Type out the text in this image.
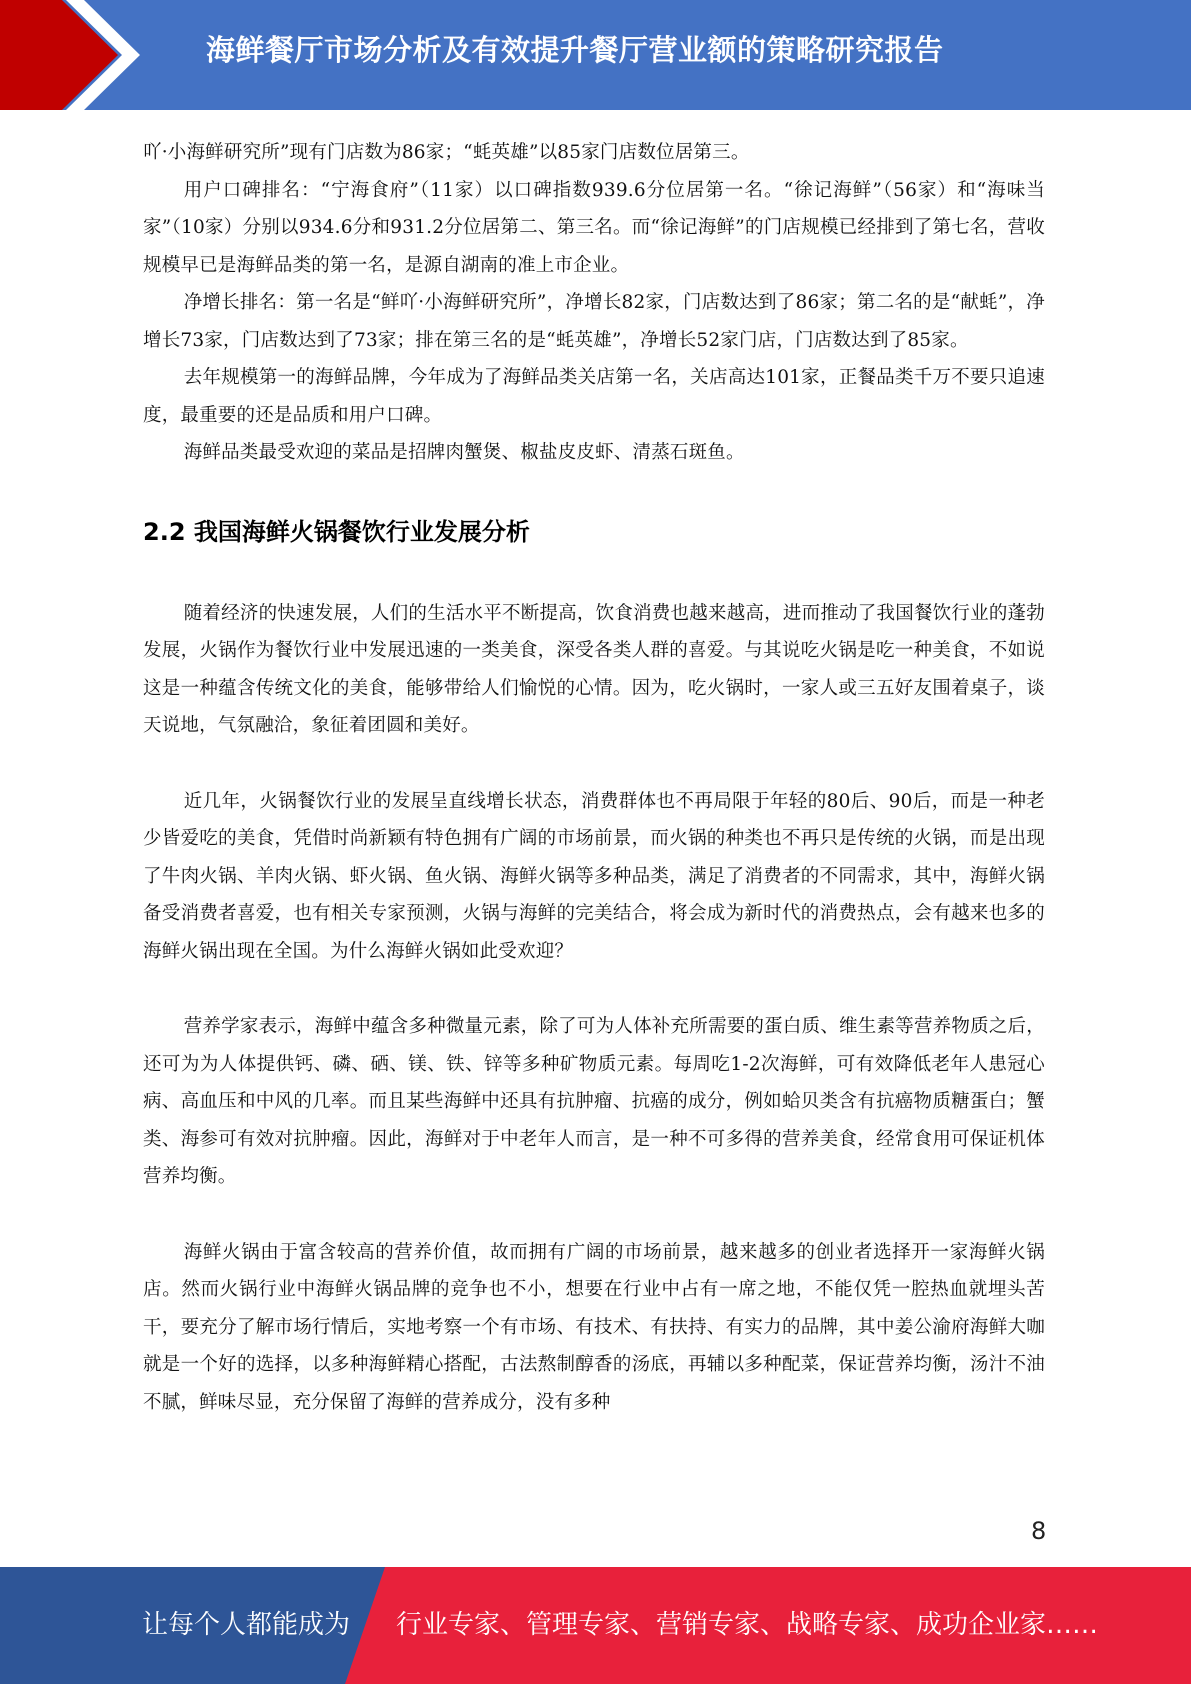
海鲜餐厅市场分析及有效提升餐厅营业额的策略研究报告

吖·小海鲜研究所”现有门店数为86家；“蚝英雄”以85家门店数位居第三。

用户口碑排名：“宁海食府”（11家）以口碑指数939.6分位居第一名。“徐记海鲜”（56家）和“海味当家”（10家）分别以934.6分和931.2分位居第二、第三名。而“徐记海鲜”的门店规模已经排到了第七名，营收规模早已是海鲜品类的第一名，是源自湖南的准上市企业。

净增长排名：第一名是“鲜吖·小海鲜研究所”，净增长82家，门店数达到了86家；第二名的是“献蚝”，净增长73家，门店数达到了73家；排在第三名的是“蚝英雄”，净增长52家门店，门店数达到了85家。

去年规模第一的海鲜品牌，今年成为了海鲜品类关店第一名，关店高达101家，正餐品类千万不要只追速度，最重要的还是品质和用户口碑。

海鲜品类最受欢迎的菜品是招牌肉蟹煲、椒盐皮皮虾、清蒸石斑鱼。

2.2 我国海鲜火锅餐饮行业发展分析

随着经济的快速发展，人们的生活水平不断提高，饮食消费也越来越高，进而推动了我国餐饮行业的蓬勃发展，火锅作为餐饮行业中发展迅速的一类美食，深受各类人群的喜爱。与其说吃火锅是吃一种美食，不如说这是一种蕴含传统文化的美食，能够带给人们愉悦的心情。因为，吃火锅时，一家人或三五好友围着桌子，谈天说地，气氛融洽，象征着团圆和美好。

近几年，火锅餐饮行业的发展呈直线增长状态，消费群体也不再局限于年轻的80后、90后，而是一种老少皆爱吃的美食，凭借时尚新颖有特色拥有广阔的市场前景，而火锅的种类也不再只是传统的火锅，而是出现了牛肉火锅、羊肉火锅、虾火锅、鱼火锅、海鲜火锅等多种品类，满足了消费者的不同需求，其中，海鲜火锅备受消费者喜爱，也有相关专家预测，火锅与海鲜的完美结合，将会成为新时代的消费热点，会有越来也多的海鲜火锅出现在全国。为什么海鲜火锅如此受欢迎？

营养学家表示，海鲜中蕴含多种微量元素，除了可为人体补充所需要的蛋白质、维生素等营养物质之后，还可为为人体提供钙、磷、硒、镁、铁、锌等多种矿物质元素。每周吃1-2次海鲜，可有效降低老年人患冠心病、高血压和中风的几率。而且某些海鲜中还具有抗肿瘤、抗癌的成分，例如蛤贝类含有抗癌物质糖蛋白；蟹类、海参可有效对抗肿瘤。因此，海鲜对于中老年人而言，是一种不可多得的营养美食，经常食用可保证机体营养均衡。

海鲜火锅由于富含较高的营养价值，故而拥有广阔的市场前景，越来越多的创业者选择开一家海鲜火锅店。然而火锅行业中海鲜火锅品牌的竞争也不小，想要在行业中占有一席之地，不能仅凭一腔热血就埋头苦干，要充分了解市场行情后，实地考察一个有市场、有技术、有扶持、有实力的品牌，其中姜公渝府海鲜大咖就是一个好的选择，以多种海鲜精心搭配，古法熬制醇香的汤底，再辅以多种配菜，保证营养均衡，汤汁不油不腻，鲜味尽显，充分保留了海鲜的营养成分，没有多种

8
让每个人都能成为 行业专家、管理专家、营销专家、战略专家、成功企业家……
